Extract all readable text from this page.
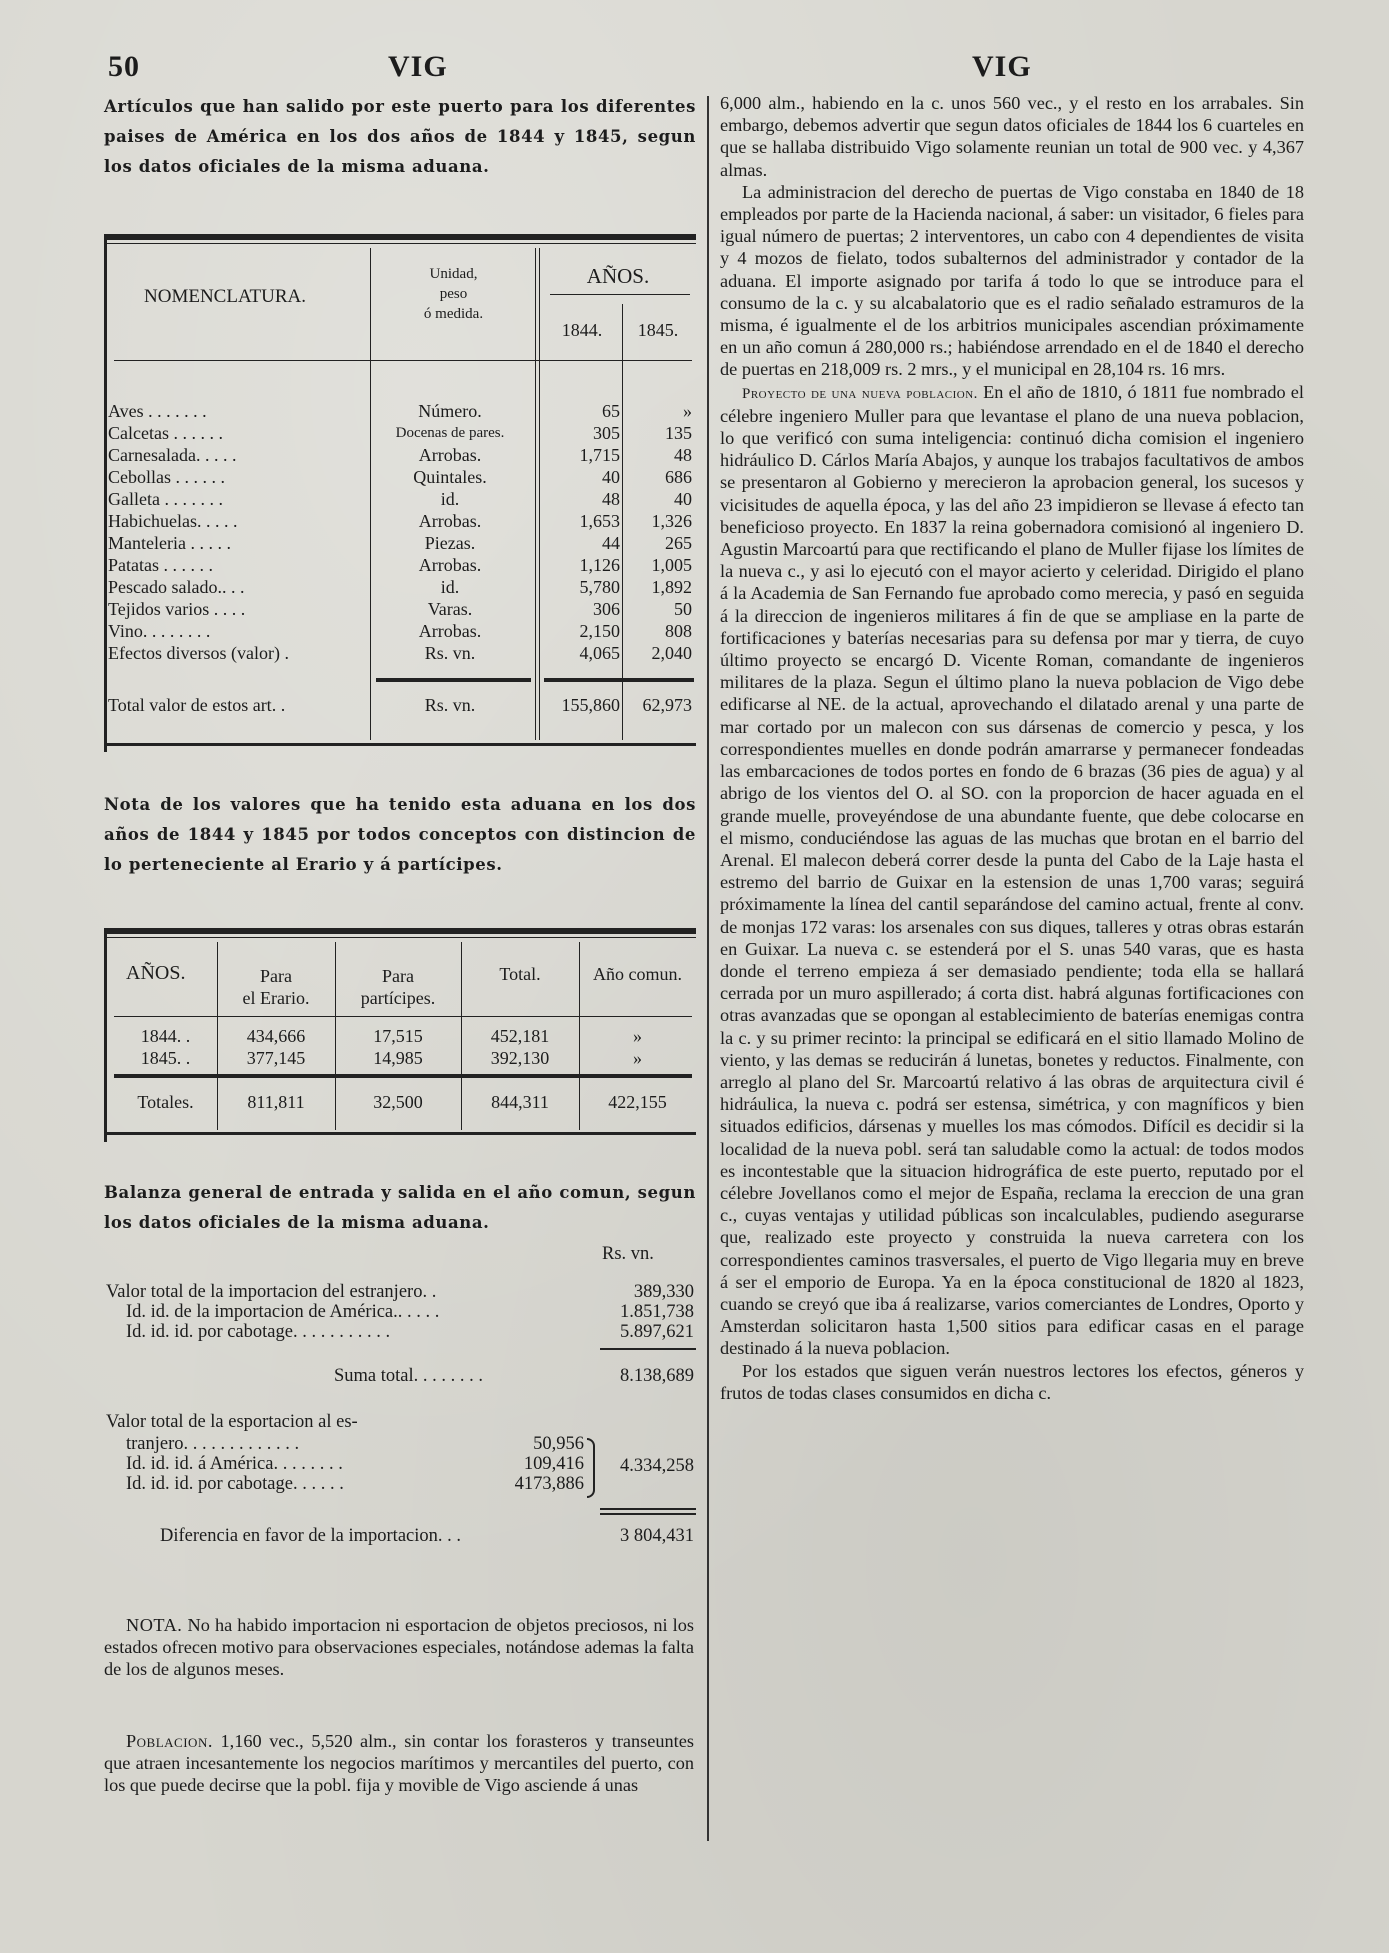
50	VIG	VIG

Artículos que han salido por este puerto para los diferentes paises de América en los dos años de 1844 y 1845, segun los datos oficiales de la misma aduana.

NOMENCLATURA.
Unidad,
peso
ó medida.
AÑOS.
1844.	1845.
Aves . . . . . . .	Número.	65	»
Calcetas . . . . . .	Docenas de pares.	305	135
Carnesalada. . . . .	Arrobas.	1,715	48
Cebollas . . . . . .	Quintales.	40	686
Galleta . . . . . . .	id.	48	40
Habichuelas. . . . .	Arrobas.	1,653	1,326
Manteleria . . . . .	Piezas.	44	265
Patatas . . . . . .	Arrobas.	1,126	1,005
Pescado salado.. . .	id.	5,780	1,892
Tejidos varios . . . .	Varas.	306	50
Vino. . . . . . . .	Arrobas.	2,150	808
Efectos diversos (valor) .	Rs. vn.	4,065	2,040
Total valor de estos art. .	Rs. vn.	155,860	62,973

Nota de los valores que ha tenido esta aduana en los dos años de 1844 y 1845 por todos conceptos con distincion de lo perteneciente al Erario y á partícipes.

AÑOS.	Para
el Erario.
Para
partícipes.
Total.	Año comun.
1844. .	434,666	17,515	452,181	»
1845. .	377,145	14,985	392,130	»
Totales.	811,811	32,500	844,311	422,155

Balanza general de entrada y salida en el año comun, segun los datos oficiales de la misma aduana.

Rs. vn.
Valor total de la importacion del estranjero. .	389,330
Id. id. de la importacion de América.. . . . .	1.851,738
Id. id. id. por cabotage. . . . . . . . . . .	5.897,621
Suma total. . . . . . . .	8.138,689
Valor total de la esportacion al es-
tranjero. . . . . . . . . . . . .	50,956
Id. id. id. á América. . . . . . . .	109,416
Id. id. id. por cabotage. . . . . .	4173,886
4.334,258
Diferencia en favor de la importacion. . .	3 804,431

NOTA. No ha habido importacion ni esportacion de objetos preciosos, ni los estados ofrecen motivo para observaciones especiales, notándose ademas la falta de los de algunos meses.

Poblacion. 1,160 vec., 5,520 alm., sin contar los forasteros y transeuntes que atraen incesantemente los negocios marítimos y mercantiles del puerto, con los que puede decirse que la pobl. fija y movible de Vigo asciende á unas

6,000 alm., habiendo en la c. unos 560 vec., y el resto en los arrabales. Sin embargo, debemos advertir que segun datos oficiales de 1844 los 6 cuarteles en que se hallaba distribuido Vigo solamente reunian un total de 900 vec. y 4,367 almas.

La administracion del derecho de puertas de Vigo constaba en 1840 de 18 empleados por parte de la Hacienda nacional, á saber: un visitador, 6 fieles para igual número de puertas; 2 interventores, un cabo con 4 dependientes de visita y 4 mozos de fielato, todos subalternos del administrador y contador de la aduana. El importe asignado por tarifa á todo lo que se introduce para el consumo de la c. y su alcabalatorio que es el radio señalado estramuros de la misma, é igualmente el de los arbitrios municipales ascendian próximamente en un año comun á 280,000 rs.; habiéndose arrendado en el de 1840 el derecho de puertas en 218,009 rs. 2 mrs., y el municipal en 28,104 rs. 16 mrs.

Proyecto de una nueva poblacion. En el año de 1810, ó 1811 fue nombrado el célebre ingeniero Muller para que levantase el plano de una nueva poblacion, lo que verificó con suma inteligencia: continuó dicha comision el ingeniero hidráulico D. Cárlos María Abajos, y aunque los trabajos facultativos de ambos se presentaron al Gobierno y merecieron la aprobacion general, los sucesos y vicisitudes de aquella época, y las del año 23 impidieron se llevase á efecto tan beneficioso proyecto. En 1837 la reina gobernadora comisionó al ingeniero D. Agustin Marcoartú para que rectificando el plano de Muller fijase los límites de la nueva c., y asi lo ejecutó con el mayor acierto y celeridad. Dirigido el plano á la Academia de San Fernando fue aprobado como merecia, y pasó en seguida á la direccion de ingenieros militares á fin de que se ampliase en la parte de fortificaciones y baterías necesarias para su defensa por mar y tierra, de cuyo último proyecto se encargó D. Vicente Roman, comandante de ingenieros militares de la plaza. Segun el último plano la nueva poblacion de Vigo debe edificarse al NE. de la actual, aprovechando el dilatado arenal y una parte de mar cortado por un malecon con sus dársenas de comercio y pesca, y los correspondientes muelles en donde podrán amarrarse y permanecer fondeadas las embarcaciones de todos portes en fondo de 6 brazas (36 pies de agua) y al abrigo de los vientos del O. al SO. con la proporcion de hacer aguada en el grande muelle, proveyéndose de una abundante fuente, que debe colocarse en el mismo, conduciéndose las aguas de las muchas que brotan en el barrio del Arenal. El malecon deberá correr desde la punta del Cabo de la Laje hasta el estremo del barrio de Guixar en la estension de unas 1,700 varas; seguirá próximamente la línea del cantil separándose del camino actual, frente al conv. de monjas 172 varas: los arsenales con sus diques, talleres y otras obras estarán en Guixar. La nueva c. se estenderá por el S. unas 540 varas, que es hasta donde el terreno empieza á ser demasiado pendiente; toda ella se hallará cerrada por un muro aspillerado; á corta dist. habrá algunas fortificaciones con otras avanzadas que se opongan al establecimiento de baterías enemigas contra la c. y su primer recinto: la principal se edificará en el sitio llamado Molino de viento, y las demas se reducirán á lunetas, bonetes y reductos. Finalmente, con arreglo al plano del Sr. Marcoartú relativo á las obras de arquitectura civil é hidráulica, la nueva c. podrá ser estensa, simétrica, y con magníficos y bien situados edificios, dársenas y muelles los mas cómodos. Difícil es decidir si la localidad de la nueva pobl. será tan saludable como la actual: de todos modos es incontestable que la situacion hidrográfica de este puerto, reputado por el célebre Jovellanos como el mejor de España, reclama la ereccion de una gran c., cuyas ventajas y utilidad públicas son incalculables, pudiendo asegurarse que, realizado este proyecto y construida la nueva carretera con los correspondientes caminos trasversales, el puerto de Vigo llegaria muy en breve á ser el emporio de Europa. Ya en la época constitucional de 1820 al 1823, cuando se creyó que iba á realizarse, varios comerciantes de Londres, Oporto y Amsterdan solicitaron hasta 1,500 sitios para edificar casas en el parage destinado á la nueva poblacion.

Por los estados que siguen verán nuestros lectores los efectos, géneros y frutos de todas clases consumidos en dicha c.
